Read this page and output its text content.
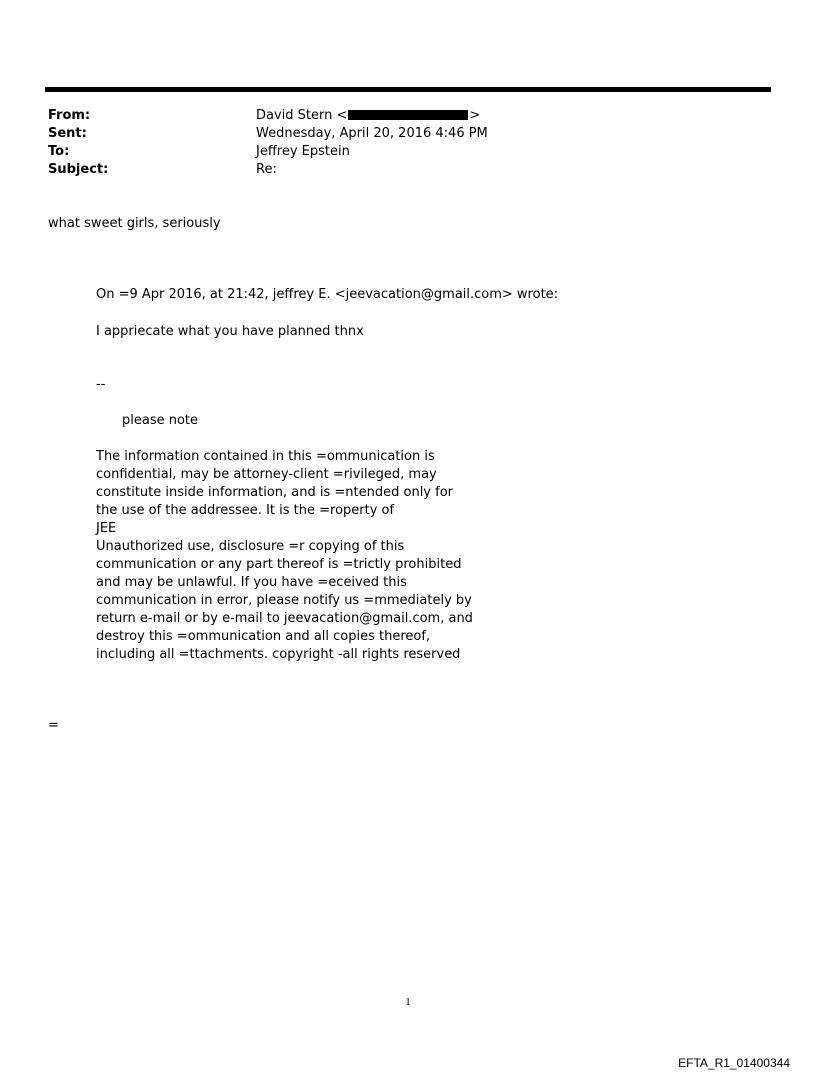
From:	David Stern <	>
Sent:	Wednesday, April 20, 2016 4:46 PM
To:	Jeffrey Epstein
Subject:	Re:
what sweet girls, seriously
On =9 Apr 2016, at 21:42, jeffrey E. <jeevacation@gmail.com> wrote:
I appriecate what you have planned thnx
--
please note
The information contained in this =ommunication is
confidential, may be attorney-client =rivileged, may
constitute inside information, and is =ntended only for
the use of the addressee. It is the =roperty of
JEE
Unauthorized use, disclosure =r copying of this
communication or any part thereof is =trictly prohibited
and may be unlawful. If you have =eceived this
communication in error, please notify us =mmediately by
return e-mail or by e-mail to jeevacation@gmail.com, and
destroy this =ommunication and all copies thereof,
including all =ttachments. copyright -all rights reserved
=
1
EFTA_R1_01400344
